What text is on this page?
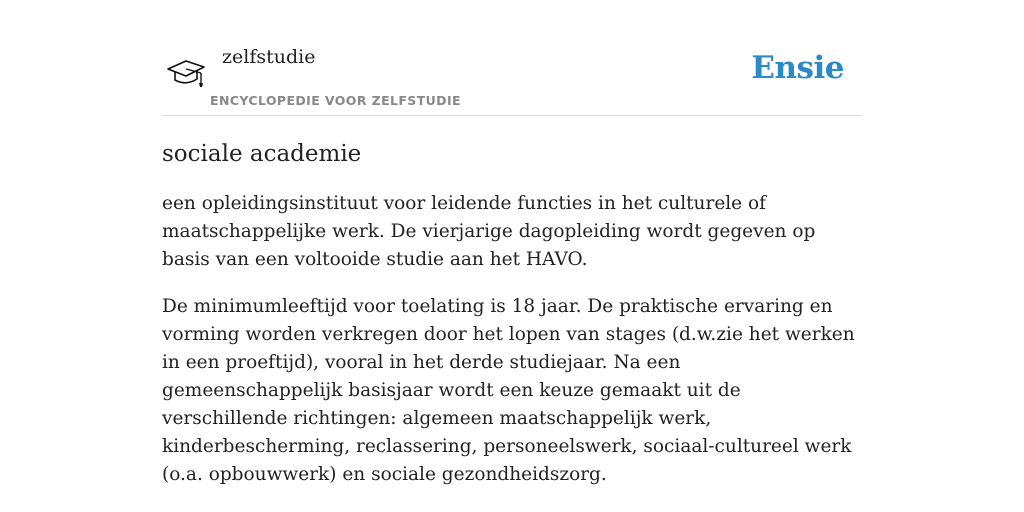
zelfstudie
ENCYCLOPEDIE VOOR ZELFSTUDIE
Ensie
sociale academie

een opleidingsinstituut voor leidende functies in het culturele of maatschappelijke werk. De vierjarige dagopleiding wordt gegeven op basis van een voltooide studie aan het HAVO.

De minimumleeftijd voor toelating is 18 jaar. De praktische ervaring en vorming worden verkregen door het lopen van stages (d.w.zie het werken in een proeftijd), vooral in het derde studiejaar. Na een gemeenschappelijk basisjaar wordt een keuze gemaakt uit de verschillende richtingen: algemeen maatschappelijk werk, kinderbescherming, reclassering, personeelswerk, sociaal-cultureel werk (o.a. opbouwwerk) en sociale gezondheidszorg.
